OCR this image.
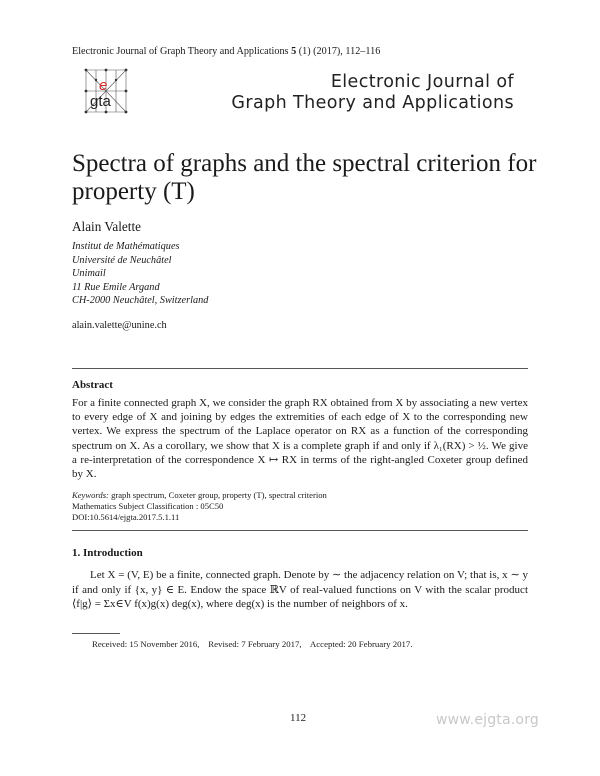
Electronic Journal of Graph Theory and Applications 5 (1) (2017), 112–116
e
gta
Electronic Journal of
Graph Theory and Applications
Spectra of graphs and the spectral criterion for property (T)
Alain Valette
Institut de Mathématiques
Université de Neuchâtel
Unimail
11 Rue Emile Argand
CH-2000 Neuchâtel, Switzerland
alain.valette@unine.ch
Abstract
For a finite connected graph X, we consider the graph RX obtained from X by associating a new vertex to every edge of X and joining by edges the extremities of each edge of X to the corresponding new vertex. We express the spectrum of the Laplace operator on RX as a function of the corresponding spectrum on X. As a corollary, we show that X is a complete graph if and only if λ₁(RX) > ½. We give a re-interpretation of the correspondence X ↦ RX in terms of the right-angled Coxeter group defined by X.
Keywords: graph spectrum, Coxeter group, property (T), spectral criterion
Mathematics Subject Classification : 05C50
DOI:10.5614/ejgta.2017.5.1.11
1. Introduction
Let X = (V, E) be a finite, connected graph. Denote by ∼ the adjacency relation on V; that is, x ∼ y if and only if {x, y} ∈ E. Endow the space ℝV of real-valued functions on V with the scalar product ⟨f|g⟩ = Σx∈V f(x)g(x) deg(x), where deg(x) is the number of neighbors of x.
Received: 15 November 2016,    Revised: 7 February 2017,    Accepted: 20 February 2017.
112	www.ejgta.org
